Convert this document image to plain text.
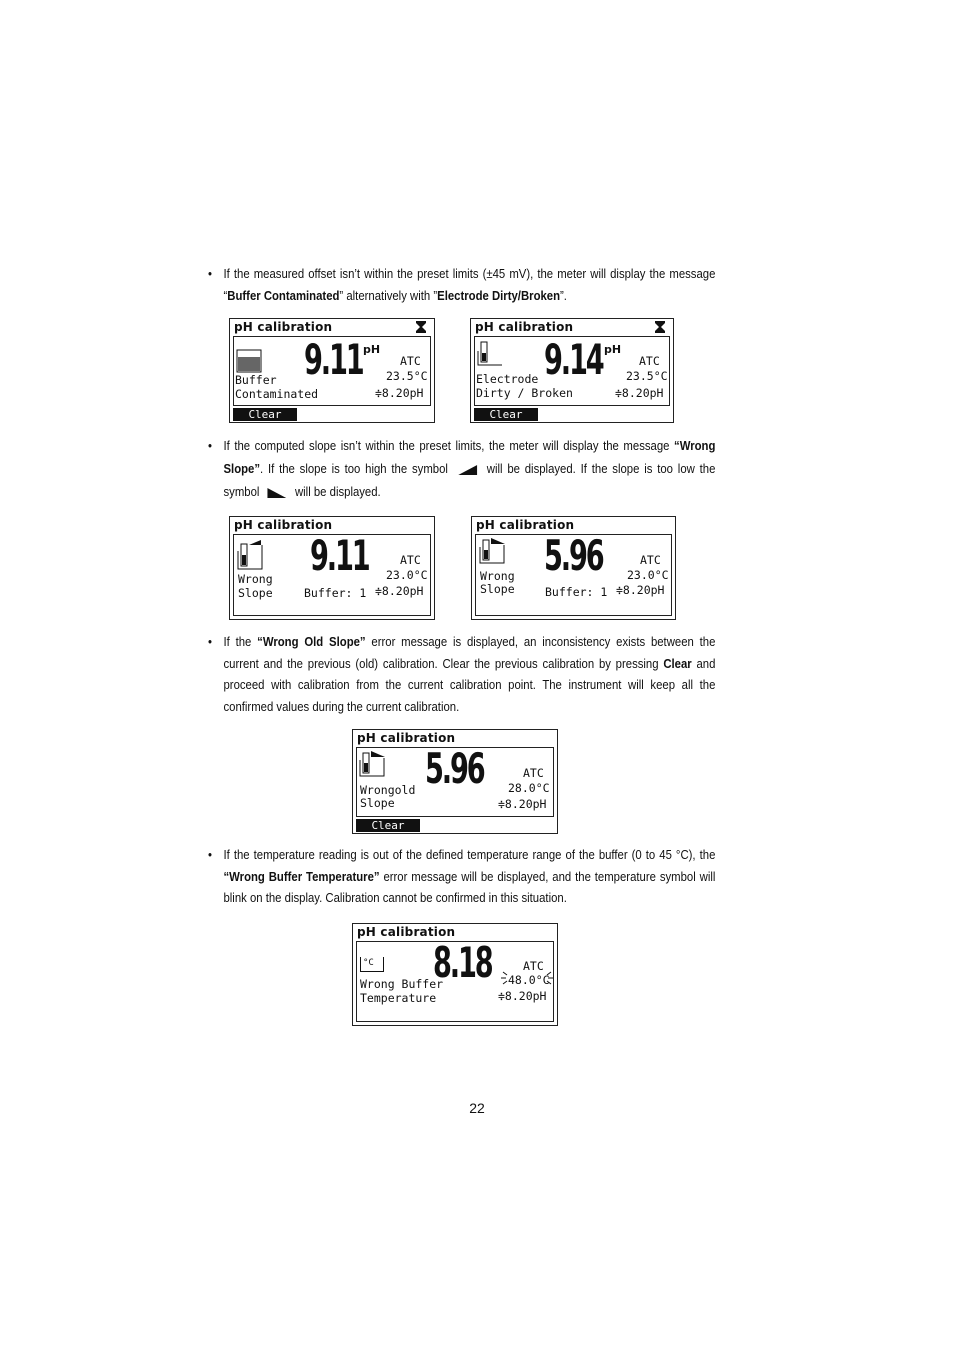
• If the measured offset isn’t within the preset limits (±45 mV), the meter will display the message “Buffer Contaminated” alternatively with ”Electrode Dirty/Broken”.
pH calibration
9.11 pH
ATC
23.5°C
≑8.20pH
Buffer
Contaminated
Clear
pH calibration
9.14 pH
ATC
23.5°C
≑8.20pH
Electrode
Dirty / Broken
Clear
• If the computed slope isn’t within the preset limits, the meter will display the message “Wrong Slope”. If the slope is too high the symbol	will be displayed. If the slope is too low the symbol	will be displayed.
pH calibration
9.11	ATC
23.0°C
≑8.20pH
Buffer: 1
Wrong
Slope
pH calibration
5.96	ATC
23.0°C
≑8.20pH
Buffer: 1
Wrong
Slope
• If the “Wrong Old Slope” error message is displayed, an inconsistency exists between the current and the previous (old) calibration. Clear the previous calibration by pressing Clear and proceed with calibration from the current calibration point. The instrument will keep all the confirmed values during the current calibration.
pH calibration
5.96	ATC
28.0°C
≑8.20pH
Wrongold
Slope
Clear
• If the temperature reading is out of the defined temperature range of the buffer (0 to 45 °C), the “Wrong Buffer Temperature” error message will be displayed, and the temperature symbol will blink on the display. Calibration cannot be confirmed in this situation.
pH calibration
°C 8.18	ATC
48.0°C
≑8.20pH
Wrong Buffer
Temperature
22
